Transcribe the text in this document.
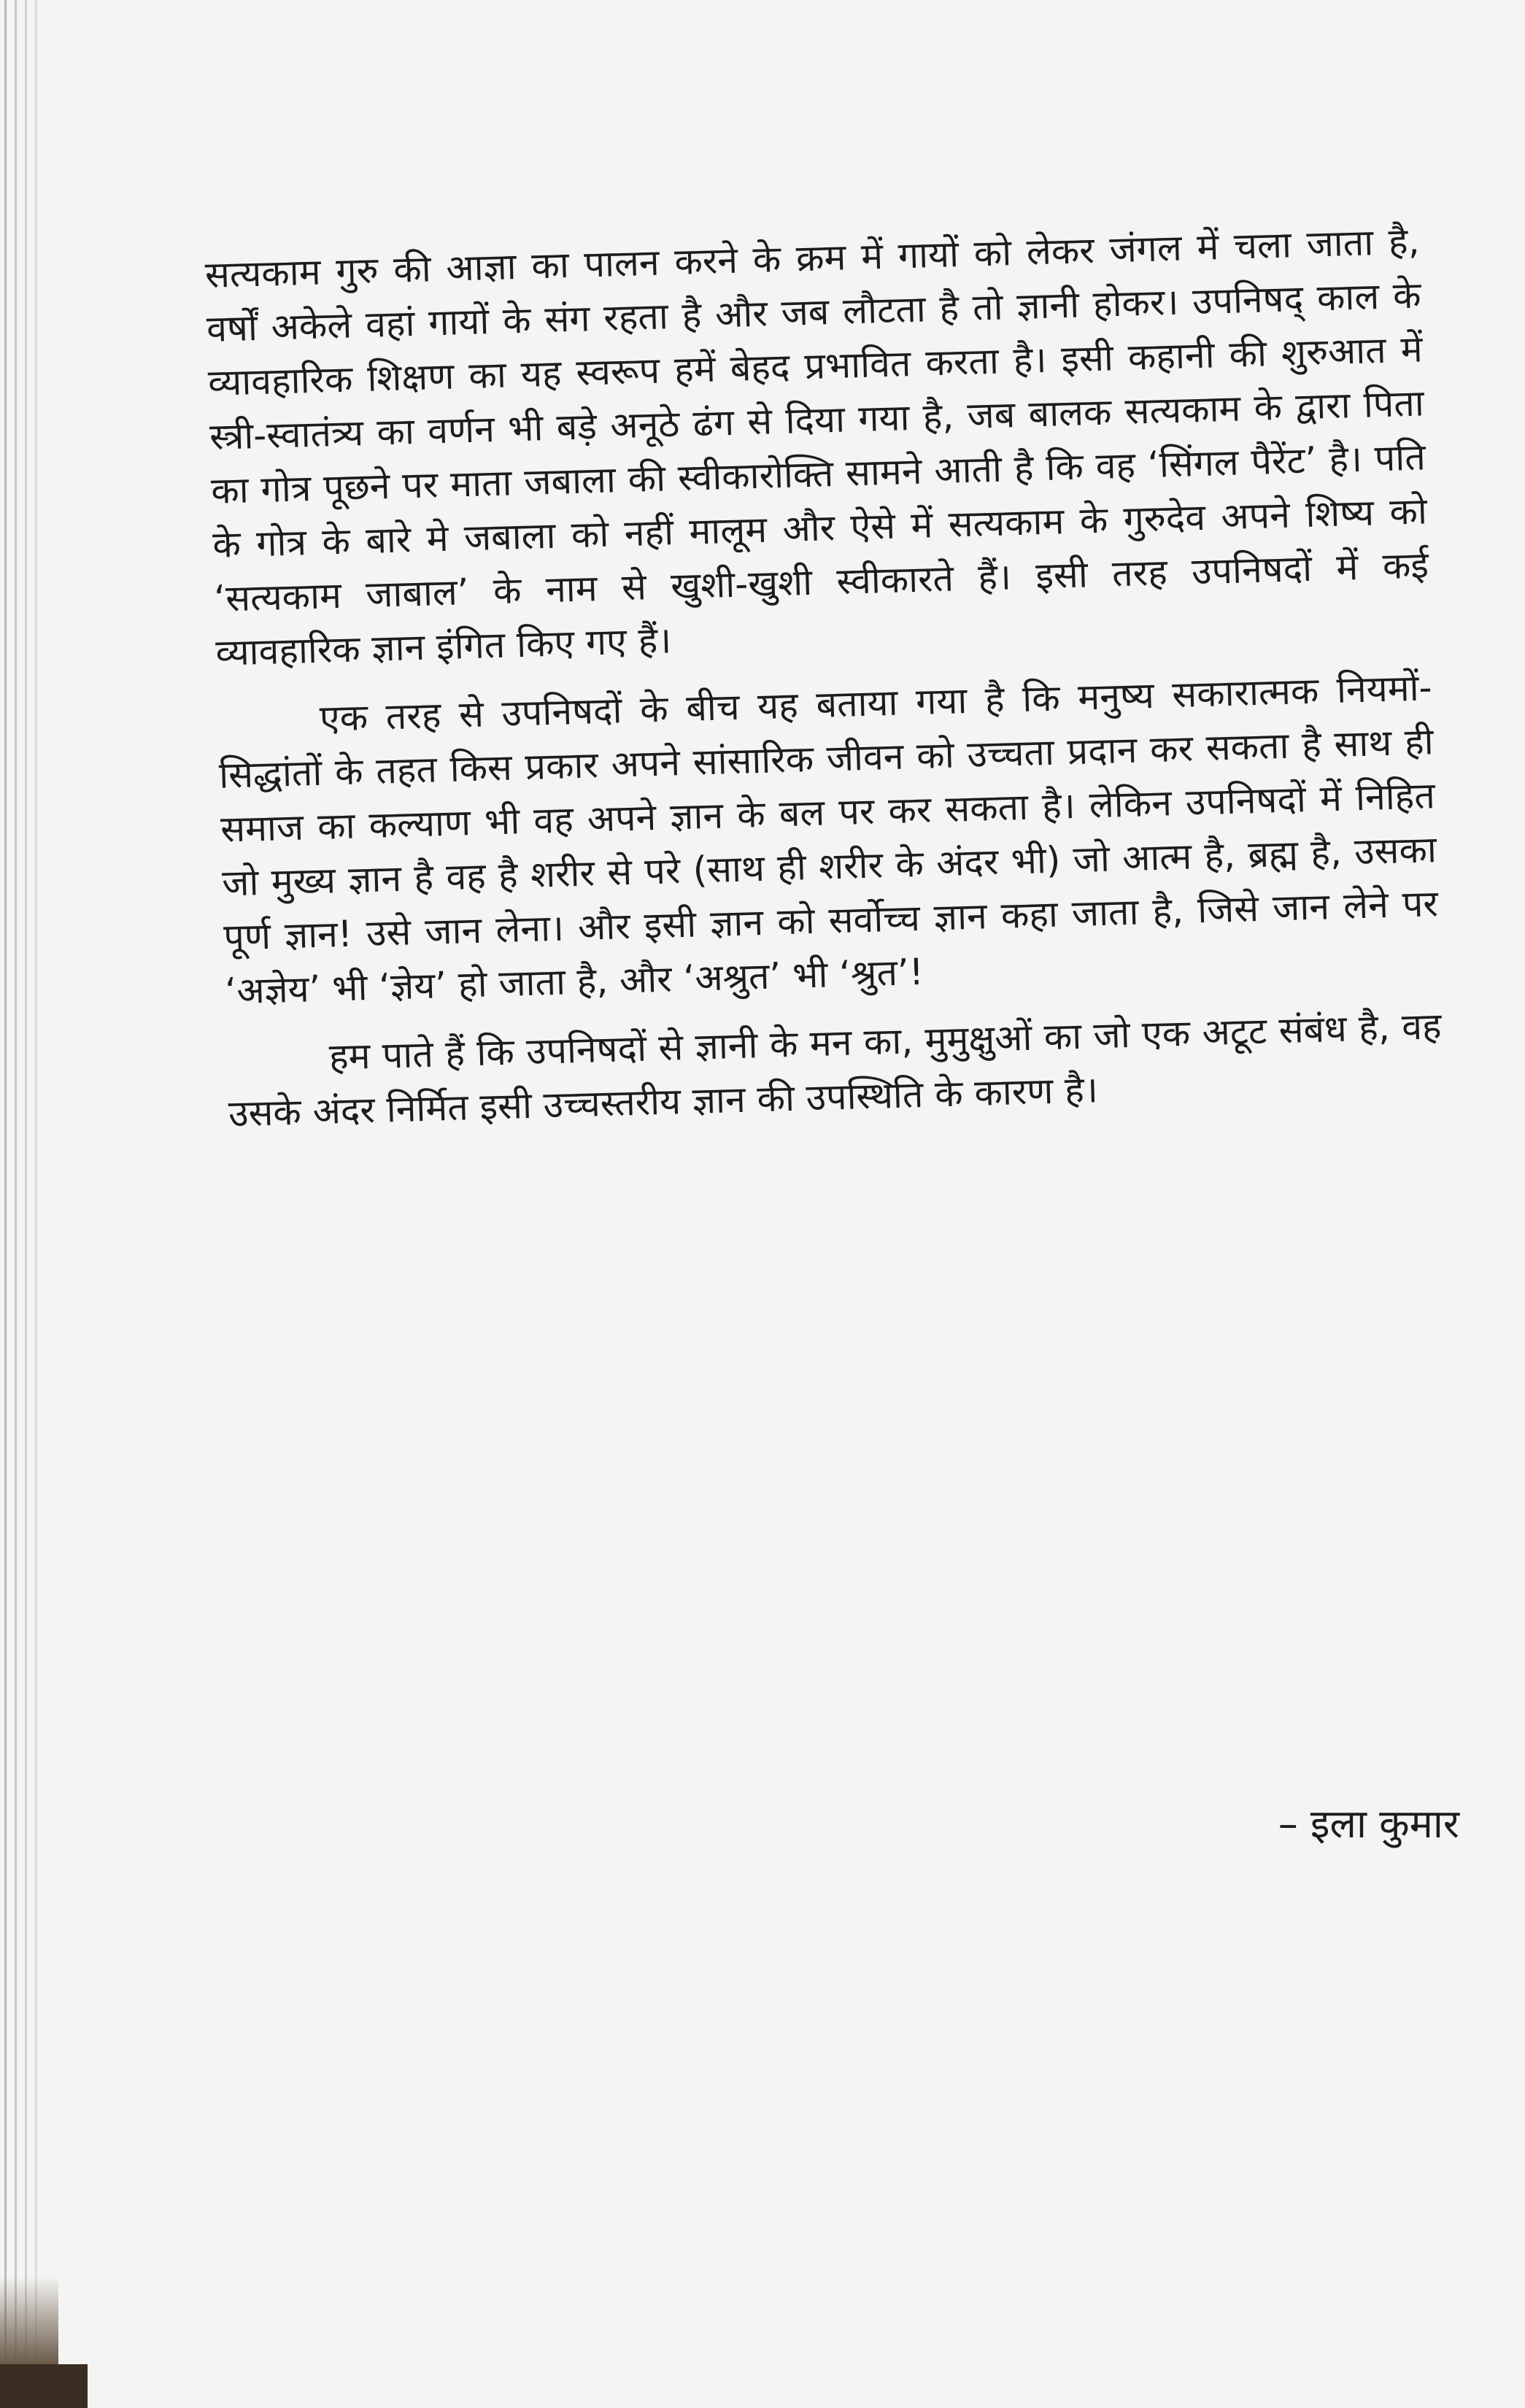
सत्यकाम गुरु की आज्ञा का पालन करने के क्रम में गायों को लेकर जंगल में चला जाता है, वर्षों अकेले वहां गायों के संग रहता है और जब लौटता है तो ज्ञानी होकर। उपनिषद् काल के व्यावहारिक शिक्षण का यह स्वरूप हमें बेहद प्रभावित करता है। इसी कहानी की शुरुआत में स्त्री-स्वातंत्र्य का वर्णन भी बड़े अनूठे ढंग से दिया गया है, जब बालक सत्यकाम के द्वारा पिता का गोत्र पूछने पर माता जबाला की स्वीकारोक्ति सामने आती है कि वह ‘सिंगल पैरेंट’ है। पति के गोत्र के बारे मे जबाला को नहीं मालूम और ऐसे में सत्यकाम के गुरुदेव अपने शिष्य को ‘सत्यकाम जाबाल’ के नाम से खुशी-खुशी स्वीकारते हैं। इसी तरह उपनिषदों में कई व्यावहारिक ज्ञान इंगित किए गए हैं।

एक तरह से उपनिषदों के बीच यह बताया गया है कि मनुष्य सकारात्मक नियमों-सिद्धांतों के तहत किस प्रकार अपने सांसारिक जीवन को उच्चता प्रदान कर सकता है साथ ही समाज का कल्याण भी वह अपने ज्ञान के बल पर कर सकता है। लेकिन उपनिषदों में निहित जो मुख्य ज्ञान है वह है शरीर से परे (साथ ही शरीर के अंदर भी) जो आत्म है, ब्रह्म है, उसका पूर्ण ज्ञान! उसे जान लेना। और इसी ज्ञान को सर्वोच्च ज्ञान कहा जाता है, जिसे जान लेने पर ‘अज्ञेय’ भी ‘ज्ञेय’ हो जाता है, और ‘अश्रुत’ भी ‘श्रुत’!

हम पाते हैं कि उपनिषदों से ज्ञानी के मन का, मुमुक्षुओं का जो एक अटूट संबंध है, वह उसके अंदर निर्मित इसी उच्चस्तरीय ज्ञान की उपस्थिति के कारण है।

– इला कुमार
